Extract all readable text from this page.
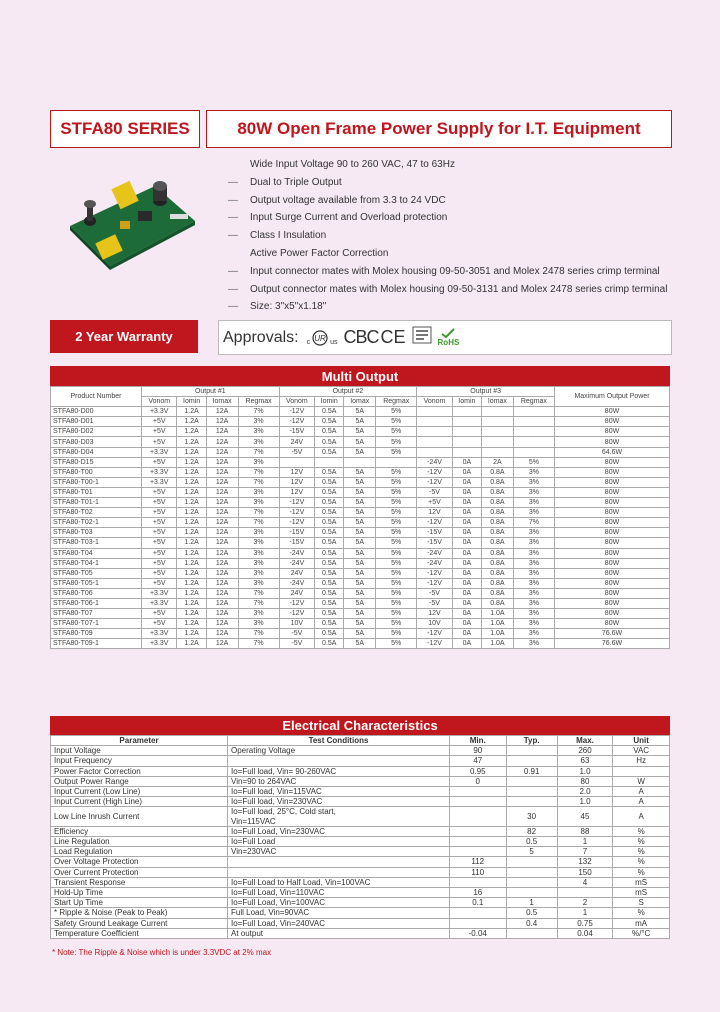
STFA80 SERIES	80W Open Frame Power Supply for I.T. Equipment
Wide Input Voltage 90 to 260 VAC, 47 to 63Hz
—	Dual to Triple Output
—	Output voltage available from 3.3 to 24 VDC
—	Input Surge Current and Overload protection
—	Class I Insulation
Active Power Factor Correction
—	Input connector mates with Molex housing 09-50-3051 and Molex 2478 series crimp terminal
—	Output connector mates with Molex housing 09-50-3131 and Molex 2478 series crimp terminal
—	Size: 3"x5"x1.18"
2 Year Warranty	Approvals: c UR us CBC CE	RoHS
Multi Output
Product Number	Output #1				Output #2				Output #3				Maximum Output Power
	Vonom	Iomin	Iomax	Regmax	Vonom	Iomin	Iomax	Regmax	Vonom	Iomin	Iomax	Regmax	
STFA80-D00	+3.3V	1.2A	12A	7%	-12V	0.5A	5A	5%					80W
STFA80-D01	+5V	1.2A	12A	3%	-12V	0.5A	5A	5%					80W
STFA80-D02	+5V	1.2A	12A	3%	-15V	0.5A	5A	5%					80W
STFA80-D03	+5V	1.2A	12A	3%	24V	0.5A	5A	5%					80W
STFA80-D04	+3.3V	1.2A	12A	7%	-5V	0.5A	5A	5%					64.6W
STFA80-D15	+5V	1.2A	12A	3%					-24V	0A	2A	5%	80W
STFA80-T00	+3.3V	1.2A	12A	7%	12V	0.5A	5A	5%	-12V	0A	0.8A	3%	80W
STFA80-T00-1	+3.3V	1.2A	12A	7%	12V	0.5A	5A	5%	-12V	0A	0.8A	3%	80W
STFA80-T01	+5V	1.2A	12A	3%	12V	0.5A	5A	5%	-5V	0A	0.8A	3%	80W
STFA80-T01-1	+5V	1.2A	12A	3%	-12V	0.5A	5A	5%	+5V	0A	0.8A	3%	80W
STFA80-T02	+5V	1.2A	12A	7%	-12V	0.5A	5A	5%	12V	0A	0.8A	3%	80W
STFA80-T02-1	+5V	1.2A	12A	7%	-12V	0.5A	5A	5%	-12V	0A	0.8A	7%	80W
STFA80-T03	+5V	1.2A	12A	3%	-15V	0.5A	5A	5%	-15V	0A	0.8A	3%	80W
STFA80-T03-1	+5V	1.2A	12A	3%	-15V	0.5A	5A	5%	-15V	0A	0.8A	3%	80W
STFA80-T04	+5V	1.2A	12A	3%	-24V	0.5A	5A	5%	-24V	0A	0.8A	3%	80W
STFA80-T04-1	+5V	1.2A	12A	3%	-24V	0.5A	5A	5%	-24V	0A	0.8A	3%	80W
STFA80-T05	+5V	1.2A	12A	3%	24V	0.5A	5A	5%	-12V	0A	0.8A	3%	80W
STFA80-T05-1	+5V	1.2A	12A	3%	-24V	0.5A	5A	5%	-12V	0A	0.8A	3%	80W
STFA80-T06	+3.3V	1.2A	12A	7%	24V	0.5A	5A	5%	-5V	0A	0.8A	3%	80W
STFA80-T06-1	+3.3V	1.2A	12A	7%	-12V	0.5A	5A	5%	-5V	0A	0.8A	3%	80W
STFA80-T07	+5V	1.2A	12A	3%	-12V	0.5A	5A	5%	12V	0A	1.0A	3%	80W
STFA80-T07-1	+5V	1.2A	12A	3%	10V	0.5A	5A	5%	10V	0A	1.0A	3%	80W
STFA80-T09	+3.3V	1.2A	12A	7%	-5V	0.5A	5A	5%	-12V	0A	1.0A	3%	76.6W
STFA80-T09-1	+3.3V	1.2A	12A	7%	-5V	0.5A	5A	5%	-12V	0A	1.0A	3%	76.6W
Electrical Characteristics
Parameter	Test Conditions	Min.	Typ.	Max.	Unit
Input Voltage	Operating Voltage	90		260	VAC
Input Frequency		47		63	Hz
Power Factor Correction	Io=Full load, Vin= 90-260VAC	0.95	0.91	1.0	
Output Power Range	Vin=90 to 264VAC	0		80	W
Input Current (Low Line)	Io=Full load, Vin=115VAC			2.0	A
Input Current (High Line)	Io=Full load, Vin=230VAC			1.0	A
Low Line Inrush Current	Io=Full load, 25°C, Cold start,
Vin=115VAC		30	45	A
Efficiency	Io=Full Load, Vin=230VAC		82	88	%
Line Regulation	Io=Full Load		0.5	1	%
Load Regulation	Vin=230VAC		5	7	%
Over Voltage Protection		112		132	%
Over Current Protection		110		150	%
Transient Response	Io=Full Load to Half Load, Vin=100VAC			4	mS
Hold-Up Time	Io=Full Load, Vin=110VAC	16			mS
Start Up Time	Io=Full Load, Vin=100VAC	0.1	1	2	S
* Ripple & Noise (Peak to Peak)	Full Load, Vin=90VAC		0.5	1	%
Safety Ground Leakage Current	Io=Full Load, Vin=240VAC		0.4	0.75	mA
Temperature Coefficient	At output	-0.04		0.04	%/°C
* Note: The Ripple & Noise which is under 3.3VDC at 2% max
